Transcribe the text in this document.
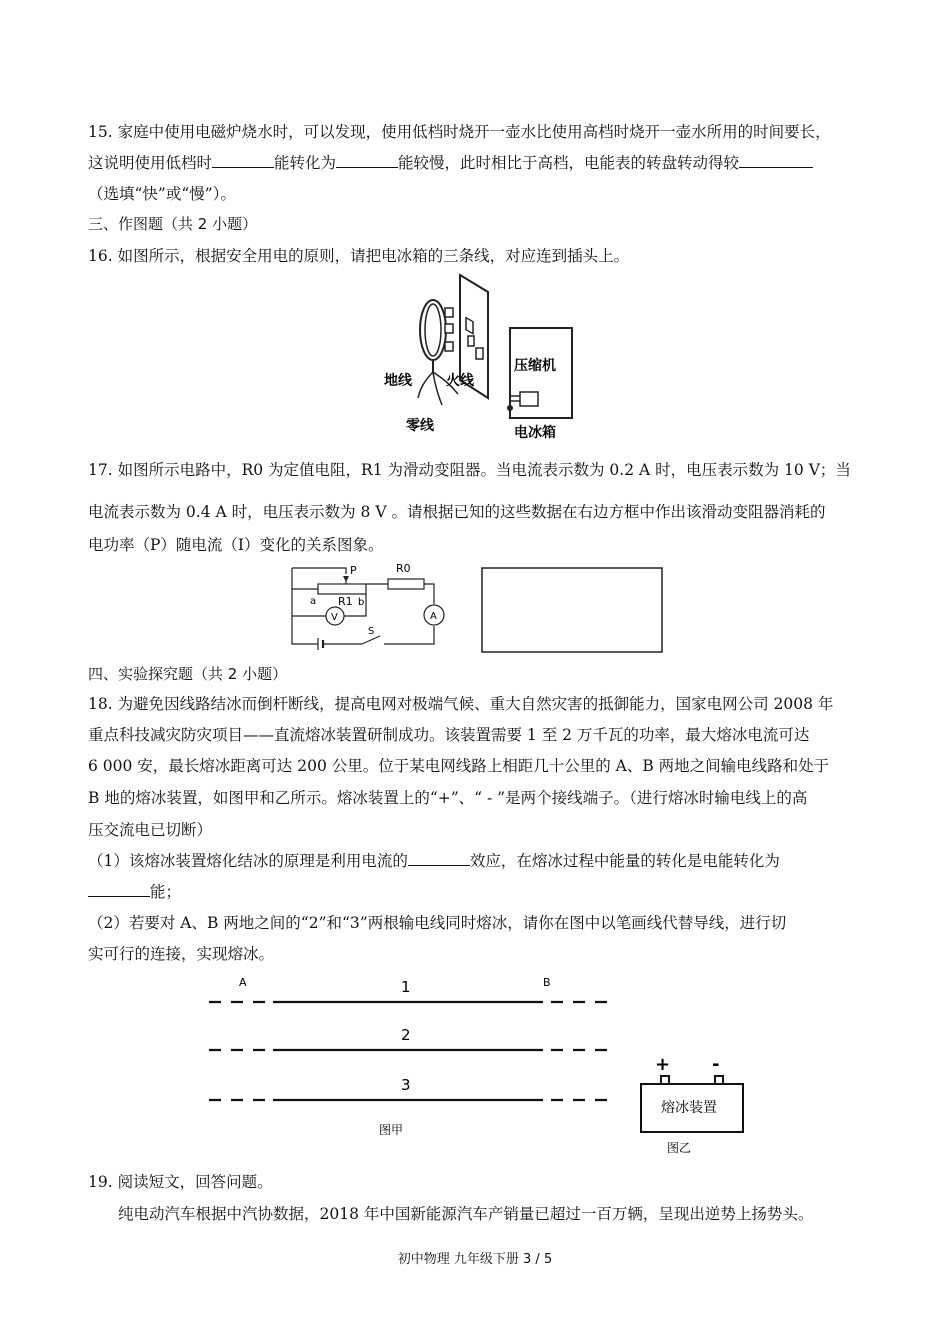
15. 家庭中使用电磁炉烧水时，可以发现，使用低档时烧开一壶水比使用高档时烧开一壶水所用的时间要长，
这说明使用低档时	能转化为	能较慢，此时相比于高档，电能表的转盘转动得较
（选填“快”或“慢”）。
三、作图题（共 2 小题）
16. 如图所示，根据安全用电的原则，请把电冰箱的三条线，对应连到插头上。
地线 火线
零线
压缩机
电冰箱
17. 如图所示电路中，R0 为定值电阻，R1 为滑动变阻器。当电流表示数为 0.2 A 时，电压表示数为 10 V；当
电流表示数为 0.4 A 时，电压表示数为 8 V 。请根据已知的这些数据在右边方框中作出该滑动变阻器消耗的
电功率（P）随电流（I）变化的关系图象。
P	R0
a R1 b
V	A
S
四、实验探究题（共 2 小题）
18. 为避免因线路结冰而倒杆断线，提高电网对极端气候、重大自然灾害的抵御能力，国家电网公司 2008 年
重点科技减灾防灾项目——直流熔冰装置研制成功。该装置需要 1 至 2 万千瓦的功率，最大熔冰电流可达
6 000 安，最长熔冰距离可达 200 公里。位于某电网线路上相距几十公里的 A、B 两地之间输电线路和处于
B 地的熔冰装置，如图甲和乙所示。熔冰装置上的“+”、“ - ”是两个接线端子。（进行熔冰时输电线上的高
压交流电已切断）
（1）该熔冰装置熔化结冰的原理是利用电流的	效应，在熔冰过程中能量的转化是电能转化为
能；
（2）若要对 A、B 两地之间的“2”和“3”两根输电线同时熔冰，请你在图中以笔画线代替导线，进行切
实可行的连接，实现熔冰。
A	B
1
2
3
图甲
+ -
熔冰装置
图乙
19. 阅读短文，回答问题。
纯电动汽车根据中汽协数据，2018 年中国新能源汽车产销量已超过一百万辆，呈现出逆势上扬势头。
初中物理 九年级下册 3 / 5
